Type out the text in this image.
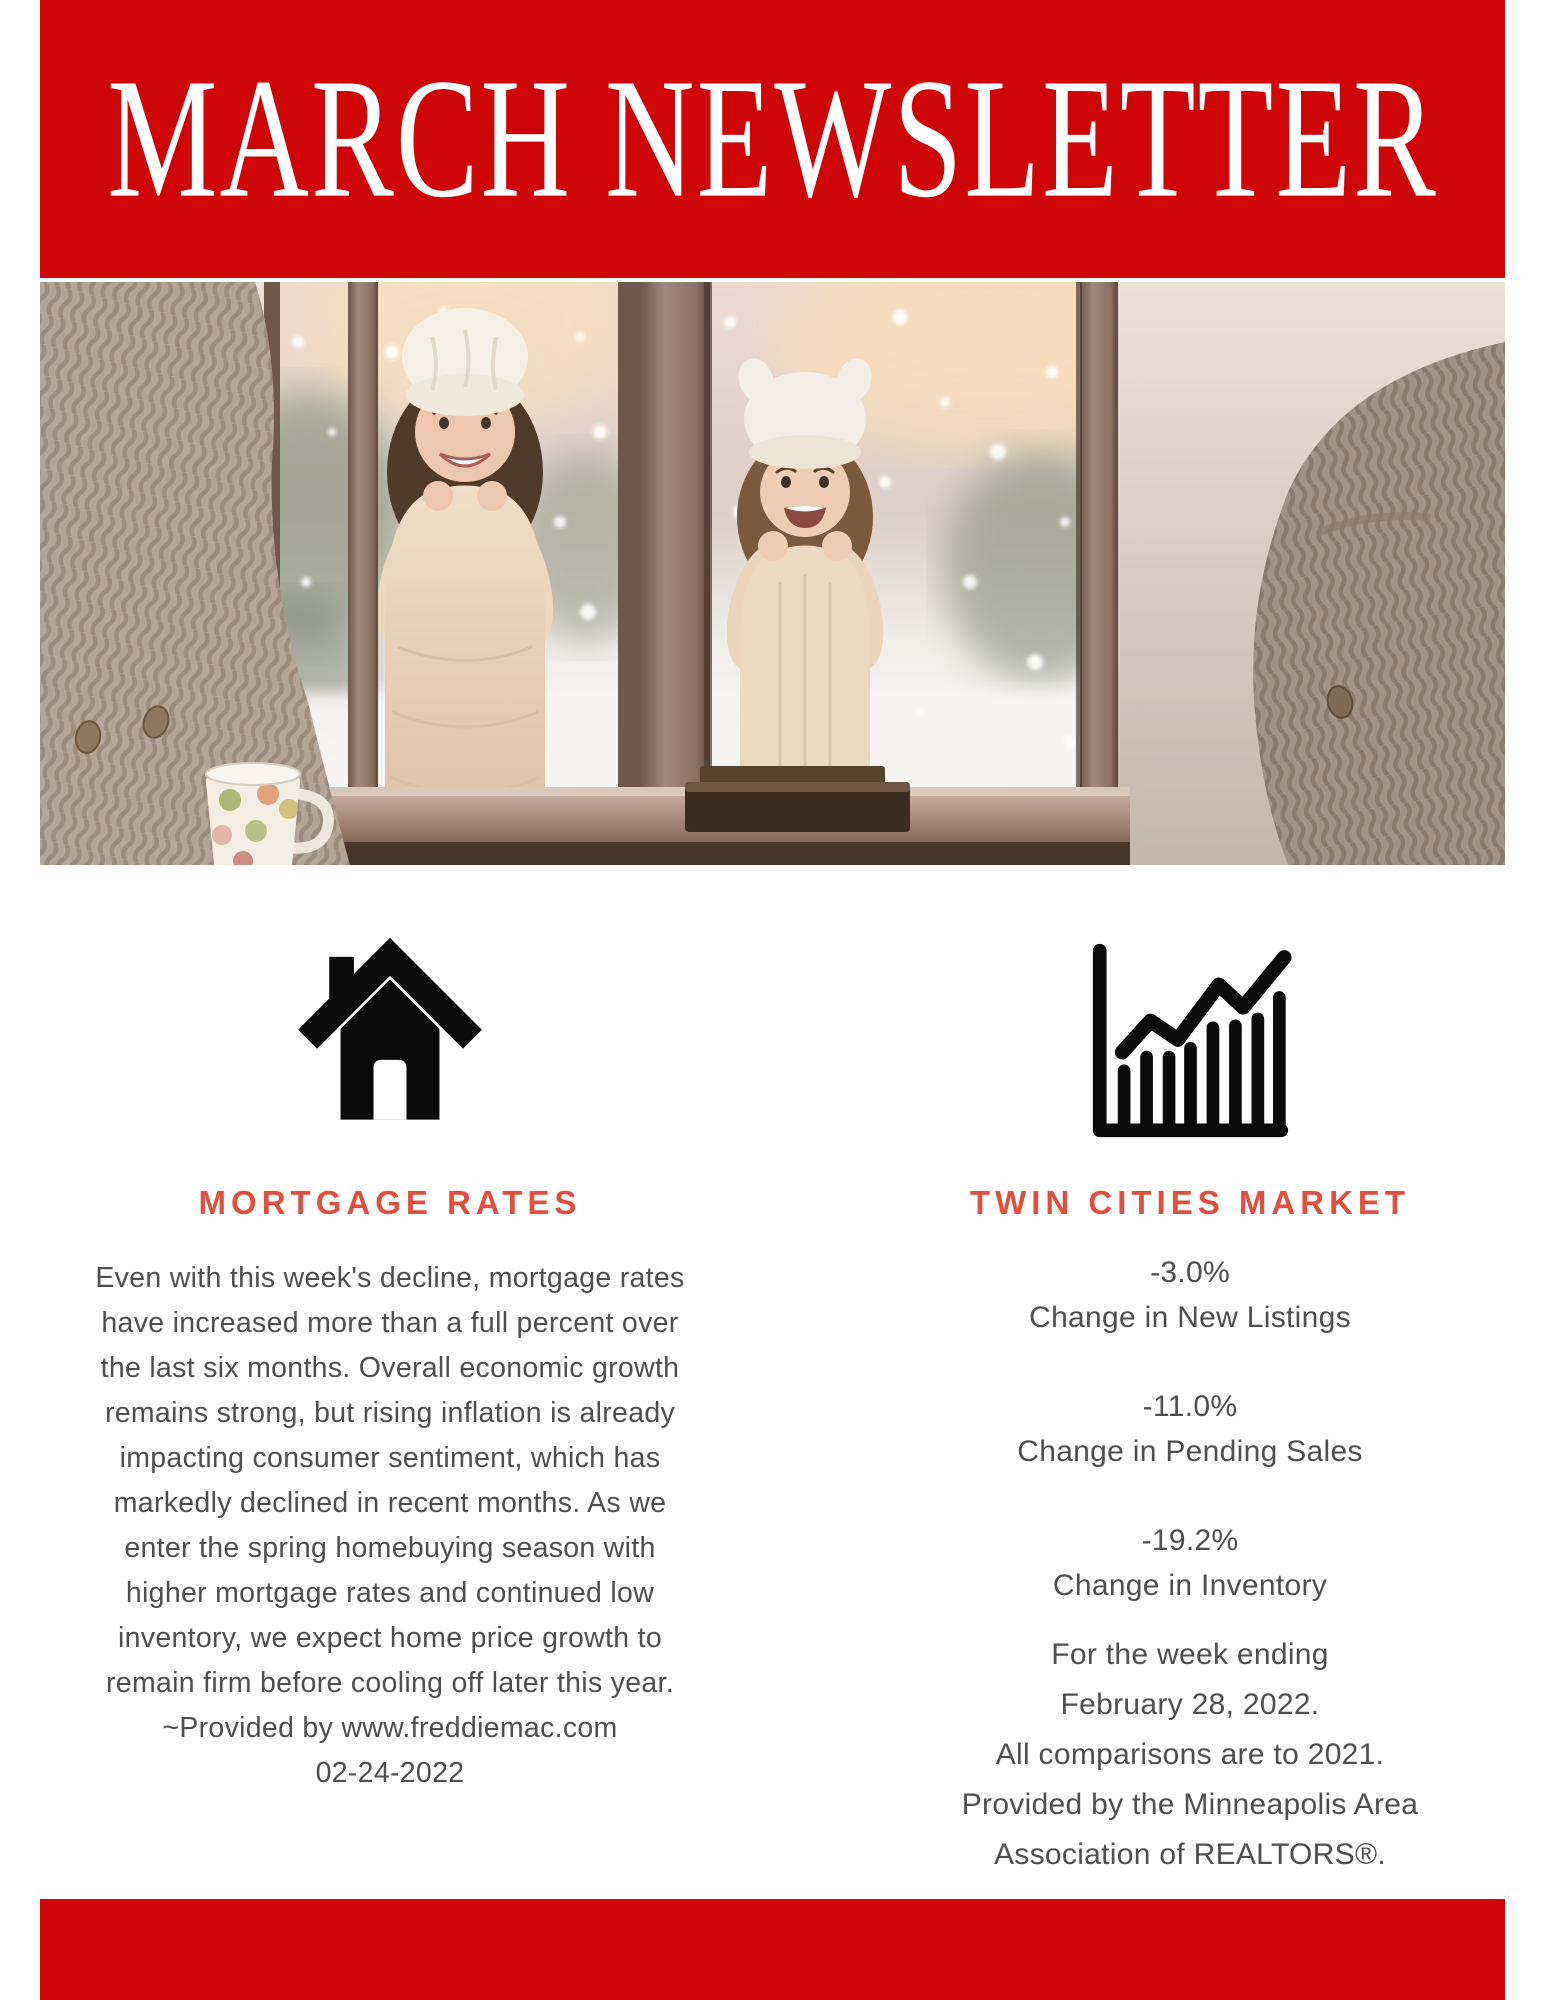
MARCH NEWSLETTER
MORTGAGE RATES
Even with this week's decline, mortgage rates have increased more than a full percent over the last six months. Overall economic growth remains strong, but rising inflation is already impacting consumer sentiment, which has markedly declined in recent months. As we enter the spring homebuying season with higher mortgage rates and continued low inventory, we expect home price growth to remain firm before cooling off later this year.
~Provided by www.freddiemac.com
02-24-2022
TWIN CITIES MARKET
-3.0%
Change in New Listings
-11.0%
Change in Pending Sales
-19.2%
Change in Inventory
For the week ending
February 28, 2022.
All comparisons are to 2021.
Provided by the Minneapolis Area
Association of REALTORS®.
